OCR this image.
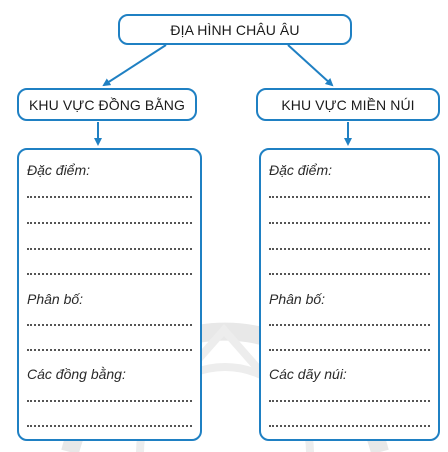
ĐỊA HÌNH CHÂU ÂU
KHU VỰC ĐỒNG BẰNG	KHU VỰC MIỀN NÚI
Đặc điểm:
Phân bố:
Các đồng bằng:
Đặc điểm:
Phân bố:
Các dãy núi:
